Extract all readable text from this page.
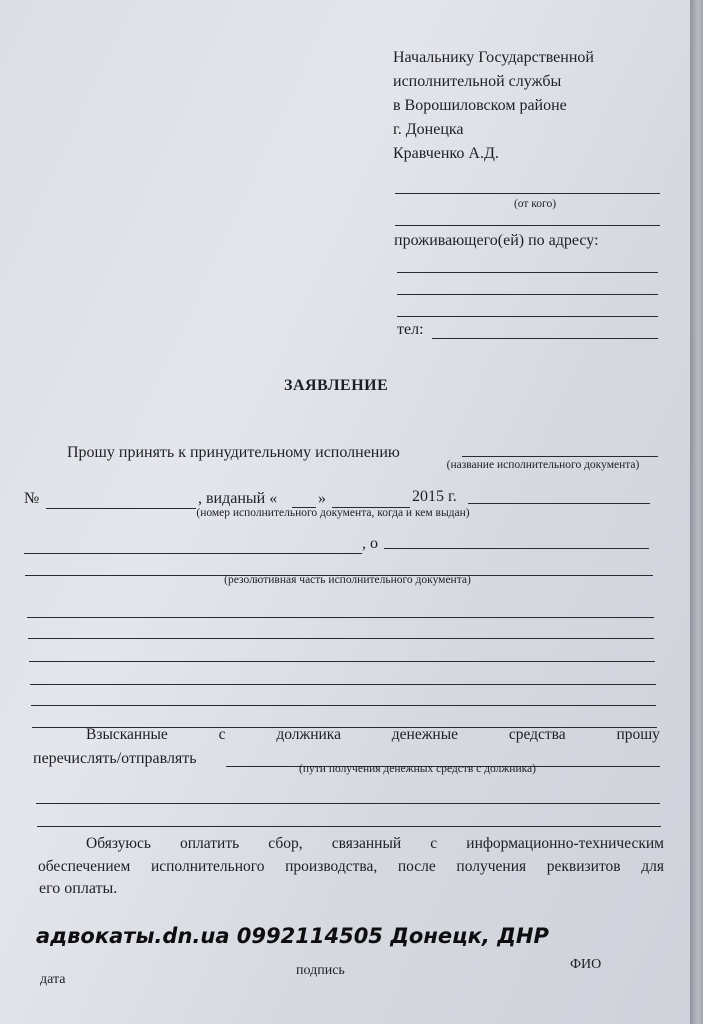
Начальнику Государственной
исполнительной службы
в Ворошиловском районе
г. Донецка
Кравченко А.Д.
(от кого)
проживающего(ей) по адресу:
тел:
ЗАЯВЛЕНИЕ
Прошу принять к принудительному исполнению
(название исполнительного документа)
№	, виданый «	»	2015 г.
(номер исполнительного документа, когда и кем выдан)
, о
(резолютивная часть исполнительного документа)
Взысканные	с	должника	денежные	средства	прошу
перечислять/отправлять
(пути получения денежных средств с должника)
Обязуюсь оплатить сбор, связанный с информационно-техническим
обеспечением исполнительного производства, после получения реквизитов для
его оплаты.
адвокаты.dn.ua 0992114505 Донецк, ДНР
дата
подпись	ФИО
